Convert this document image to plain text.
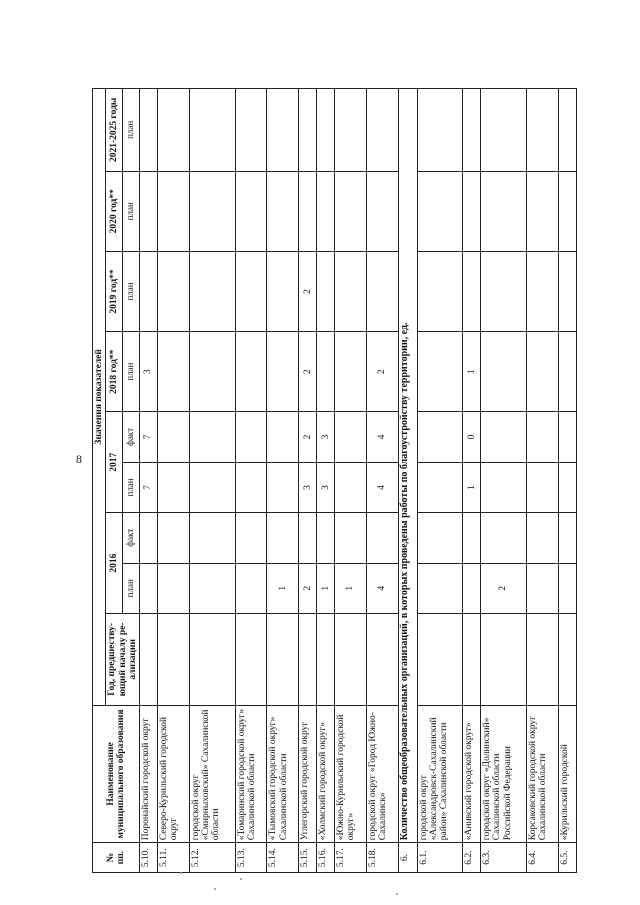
8
№ пп.	Наименование муниципального образования	Значения показателей								
		Год, предшеству-ющий началу ре-ализации	2016		2017		2018 год**	2019 год**	2020 год**	2021-2025 годы
			план	факт	план	факт	план	план	план	план
5.10.	Поронайский городской округ				7	7	3			
5.11.	Северо-Курильский городской округ									
5.12.	городской округ «Смирныховский» Сахалинской области									
5.13.	«Томаринский городской округ» Сахалинской области									
5.14.	«Тымовский городской округ» Сахалинской области		1							
5.15.	Углегорский городской округ		2		3	2	2	2		
5.16.	«Холмский городской округ»		1		3	3				
5.17.	«Южно-Курильский городской округ»		1							
5.18.	городской округ «Город Южно-Сахалинск»		4		4	4	2			
6.	Количество общеобразовательных организаций, в которых проведены работы по благоустройству территории, ед.									
6.1.	городской округ «Александровск-Сахалинский район» Сахалинской области									
6.2.	«Анивский городской округ»				1	0	1			
6.3.	городской округ «Долинский» Сахалинской области Российской Федерации		2							
6.4.	Корсаковский городской округ Сахалинской области									
6.5.	«Курильский городской									
